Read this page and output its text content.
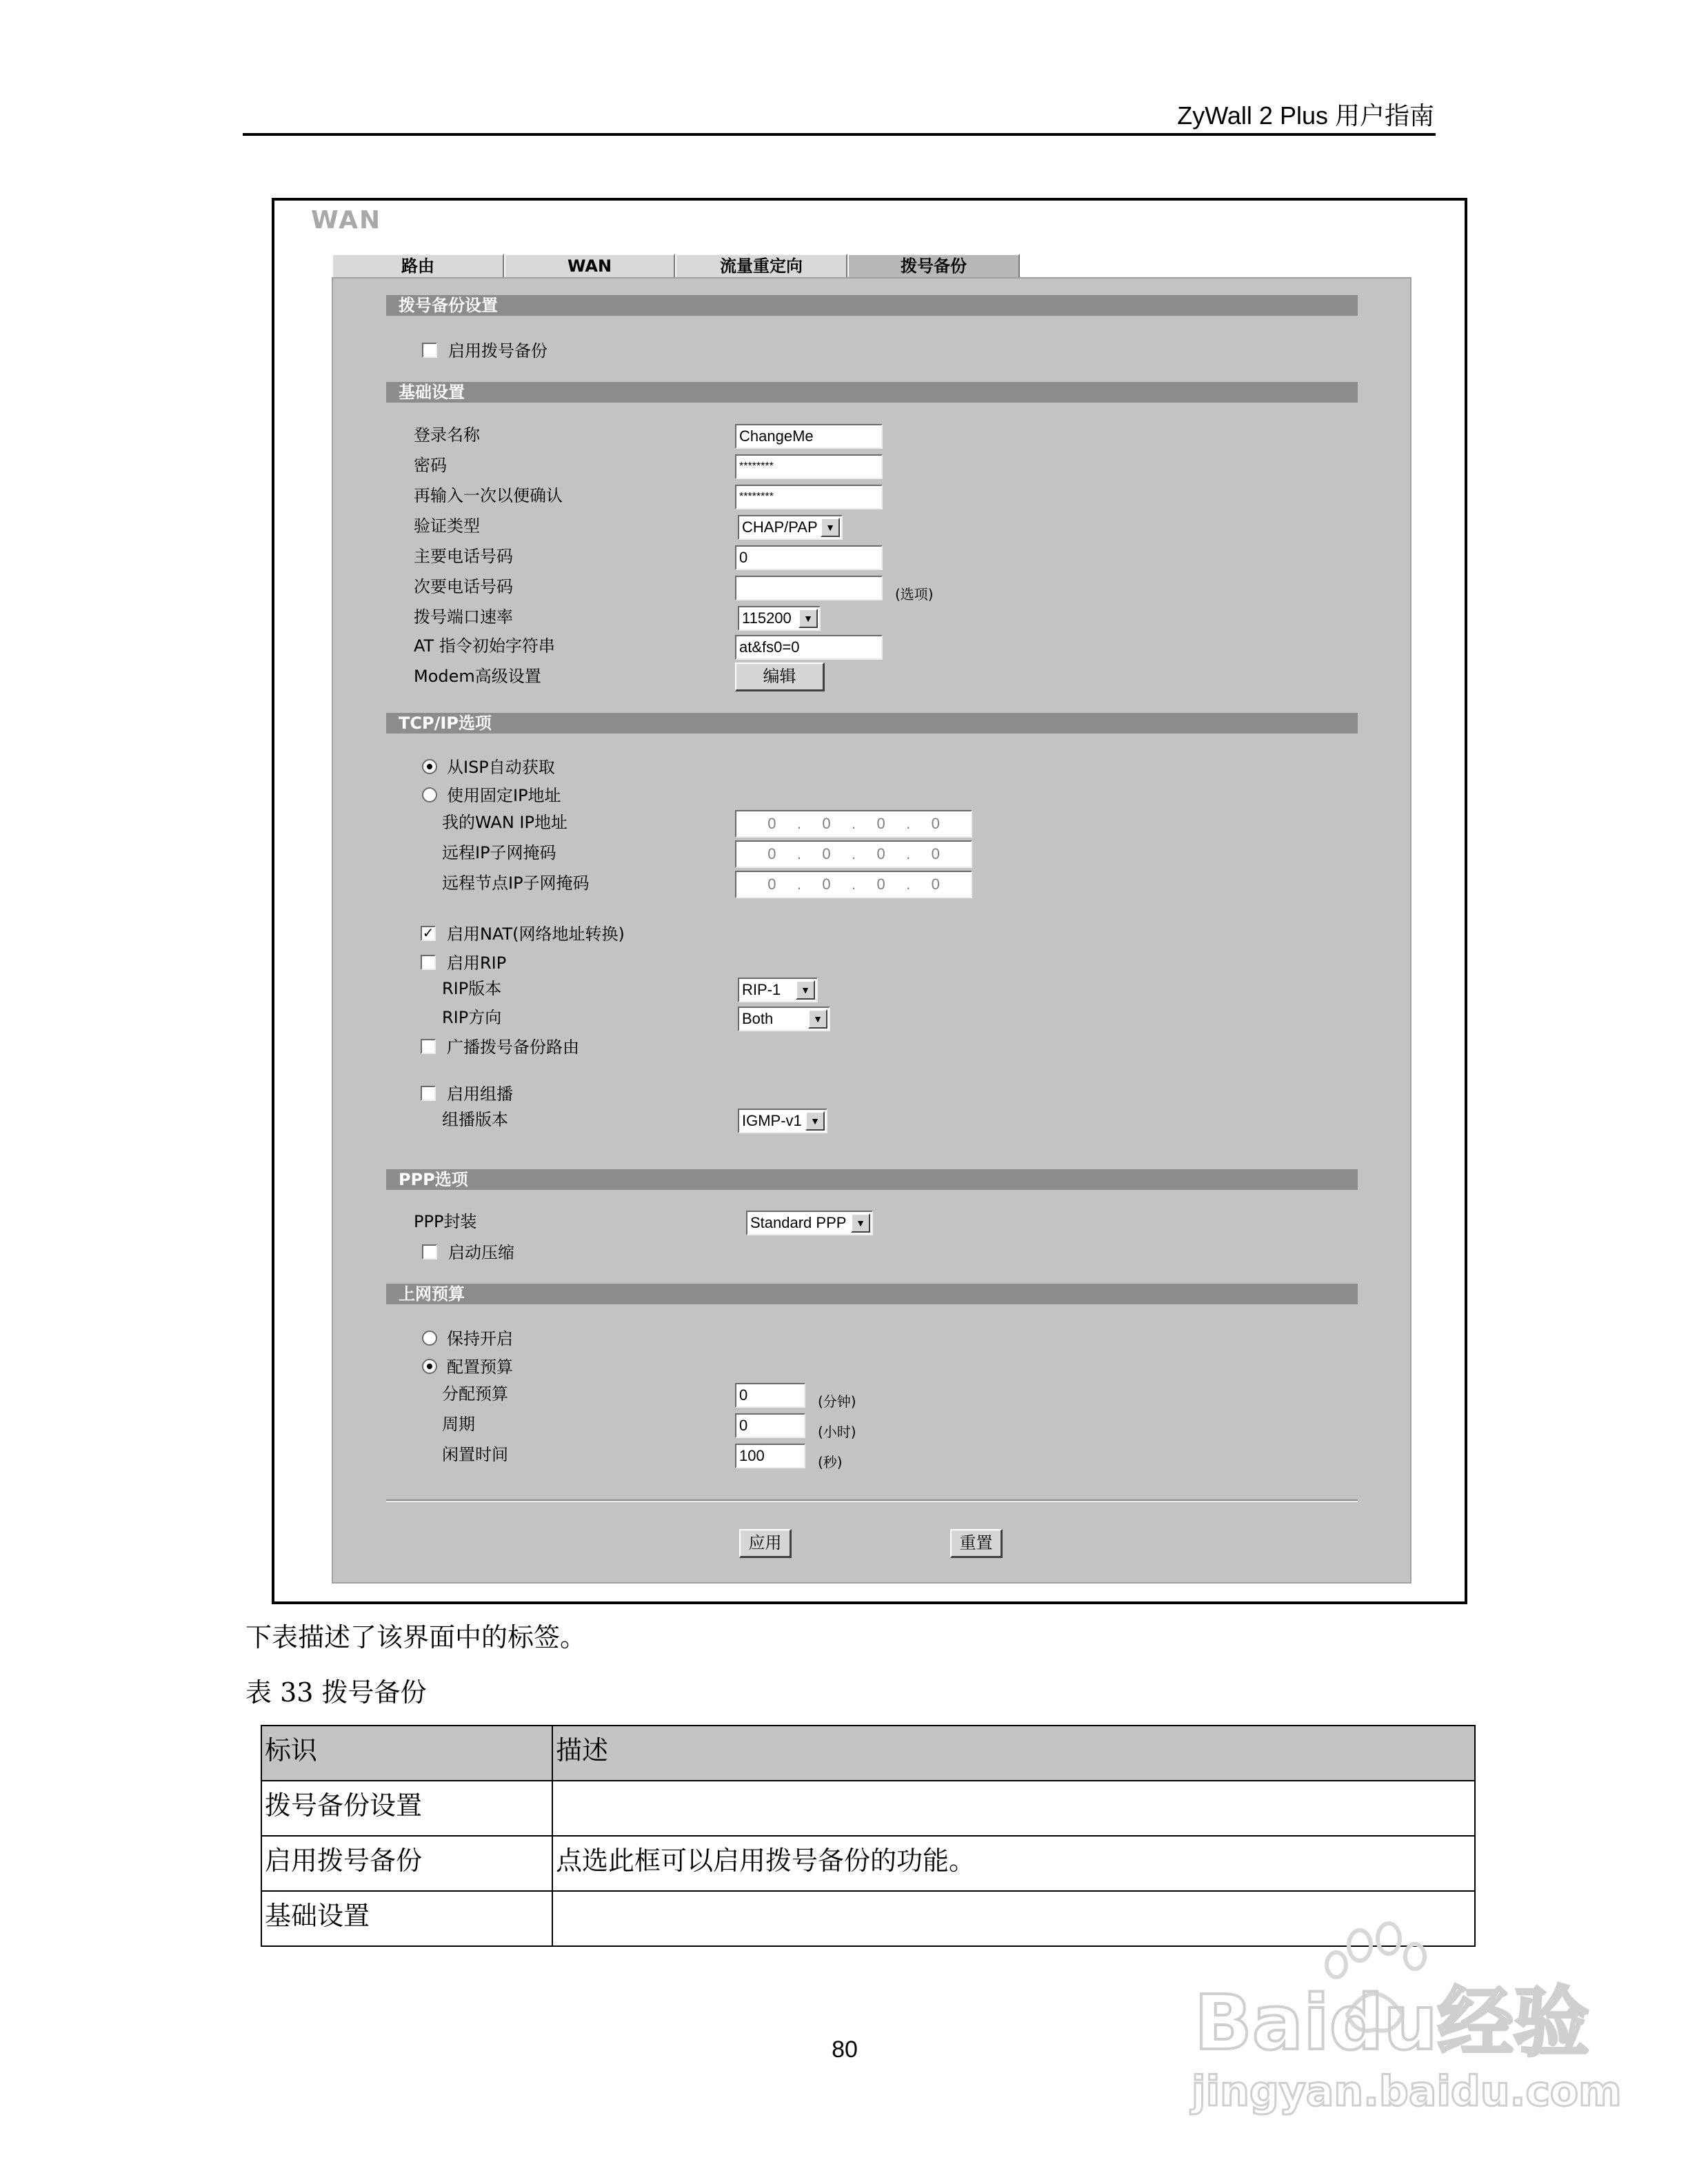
ZyWall 2 Plus 用户指南
WAN
路由	WAN	流量重定向	拨号备份
拨号备份设置
启用拨号备份
基础设置
登录名称	ChangeMe
密码	********
再输入一次以便确认	********
验证类型	CHAP/PAP ▼
主要电话号码	0
次要电话号码	(选项)
拨号端口速率	115200	▼
AT 指令初始字符串	at&fs0=0
Modem高级设置	编辑
TCP/IP选项
从ISP自动获取
使用固定IP地址
我的WAN IP地址	0 . 0 . 0 . 0
远程IP子网掩码	0 . 0 . 0 . 0
远程节点IP子网掩码	0 . 0 . 0 . 0
✓ 启用NAT(网络地址转换)
启用RIP
RIP版本	RIP-1	▼
RIP方向	Both	▼
广播拨号备份路由
启用组播
组播版本	IGMP-v1 ▼
PPP选项
PPP封装	Standard PPP ▼
启动压缩
上网预算
保持开启
配置预算
分配预算	0	(分钟)
周期	0	(小时)
闲置时间	100	(秒)
应用	重置
下表描述了该界面中的标签。
表 33 拨号备份
标识	描述
拨号备份设置	
启用拨号备份	点选此框可以启用拨号备份的功能。
基础设置	
80	Baidu经验
jingyan.baidu.com
